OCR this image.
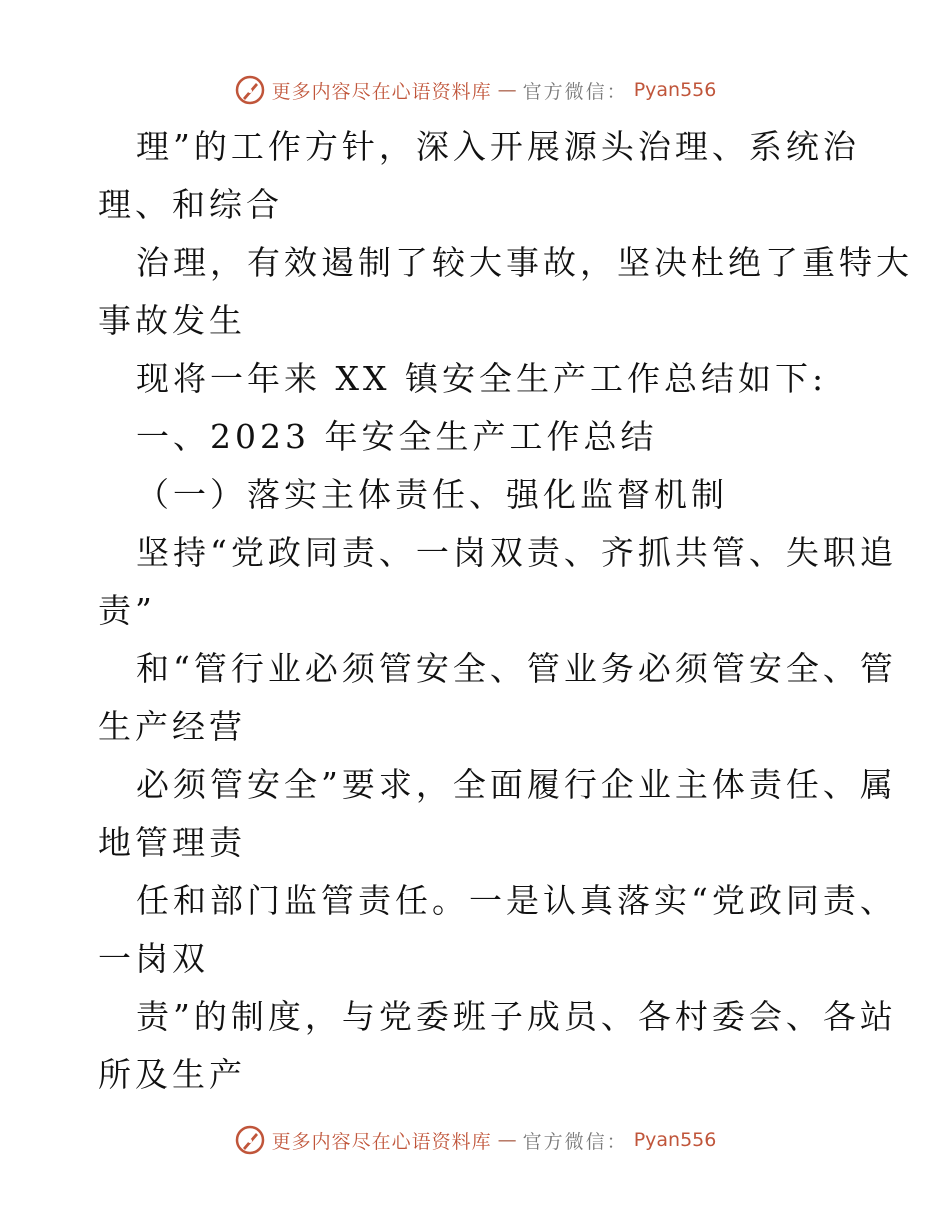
更多内容尽在心语资料库 — 官方微信： Pyan556
理”的工作方针，深入开展源头治理、系统治
理、和综合
治理，有效遏制了较大事故，坚决杜绝了重特大
事故发生
现将一年来 XX 镇安全生产工作总结如下:
一、2023 年安全生产工作总结
（一）落实主体责任、强化监督机制
坚持“党政同责、一岗双责、齐抓共管、失职追
责”
和“管行业必须管安全、管业务必须管安全、管
生产经营
必须管安全”要求，全面履行企业主体责任、属
地管理责
任和部门监管责任。一是认真落实“党政同责、
一岗双
责”的制度，与党委班子成员、各村委会、各站
所及生产
更多内容尽在心语资料库 — 官方微信： Pyan556
